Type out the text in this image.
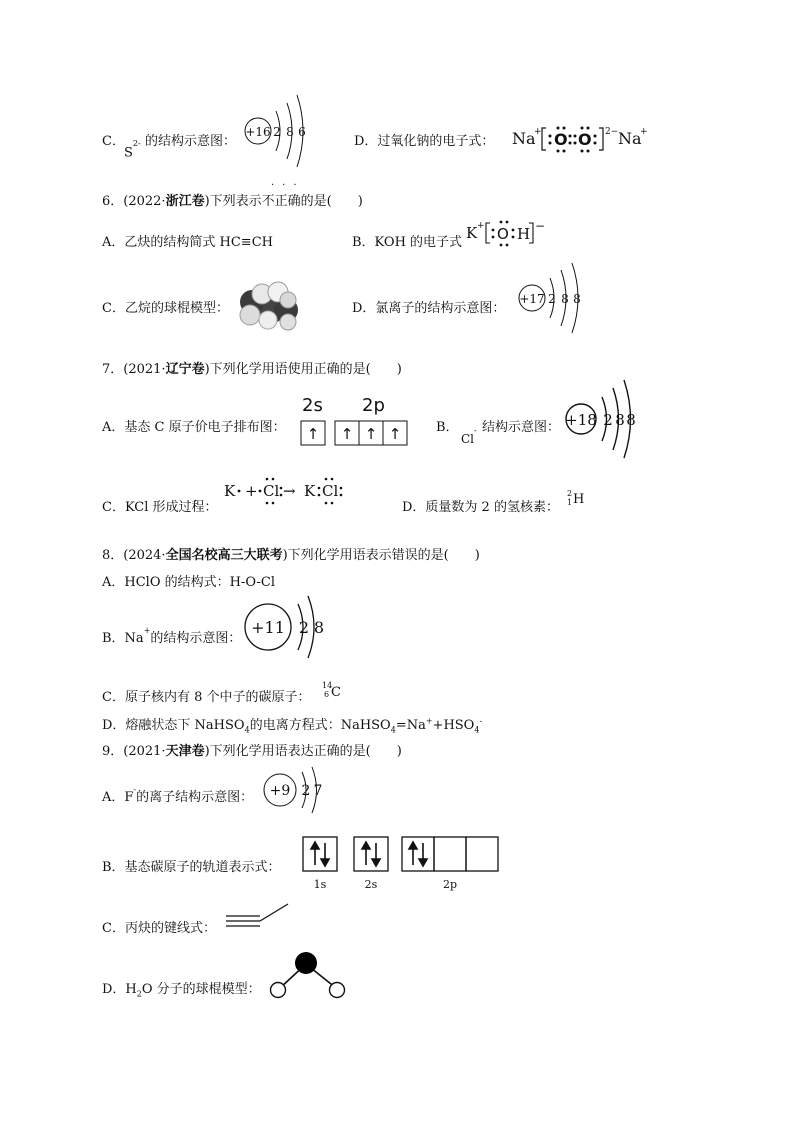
C．
$S^{2-}$ 的结构示意图：
+16 2 8 6
D．过氧化钠的电子式： Na
+ O O 2− Na
+
6．(2022·浙江卷)下列表示不正确的是(　　)
···
A．乙炔的结构简式 HC≡CH	B．KOH 的电子式
K + O H −
C．乙烷的球棍模型：	D．氯离子的结构示意图：
+17 2 8 8
7．(2021·辽宁卷)下列化学用语使用正确的是(　　)
A．基态 C 原子价电子排布图：
2s 2p
↑ ↑ ↑ ↑	B． 结构示意图：
Cl-
+18 2 8 8
C．KCl 形成过程：
K + Cl → K Cl
D．质量数为 2 的氢核素：
2
1 H
8．(2024·全国名校高三大联考)下列化学用语表示错误的是(　　)
A．HClO 的结构式：H-O-Cl
B．Na+的结构示意图：
+11 2 8
C．原子核内有 8 个中子的碳原子：
14
6 C
D．熔融状态下 NaHSO$_4$的电离方程式：$NaHSO_4=Na^++HSO_4^-$
9．(2021·天津卷)下列化学用语表达正确的是(　　)
A．F-的离子结构示意图： +9 2 7
B．基态碳原子的轨道表示式：
1s	2s	2p
C．丙炔的键线式：
D．$H_2O$ 分子的球棍模型：
